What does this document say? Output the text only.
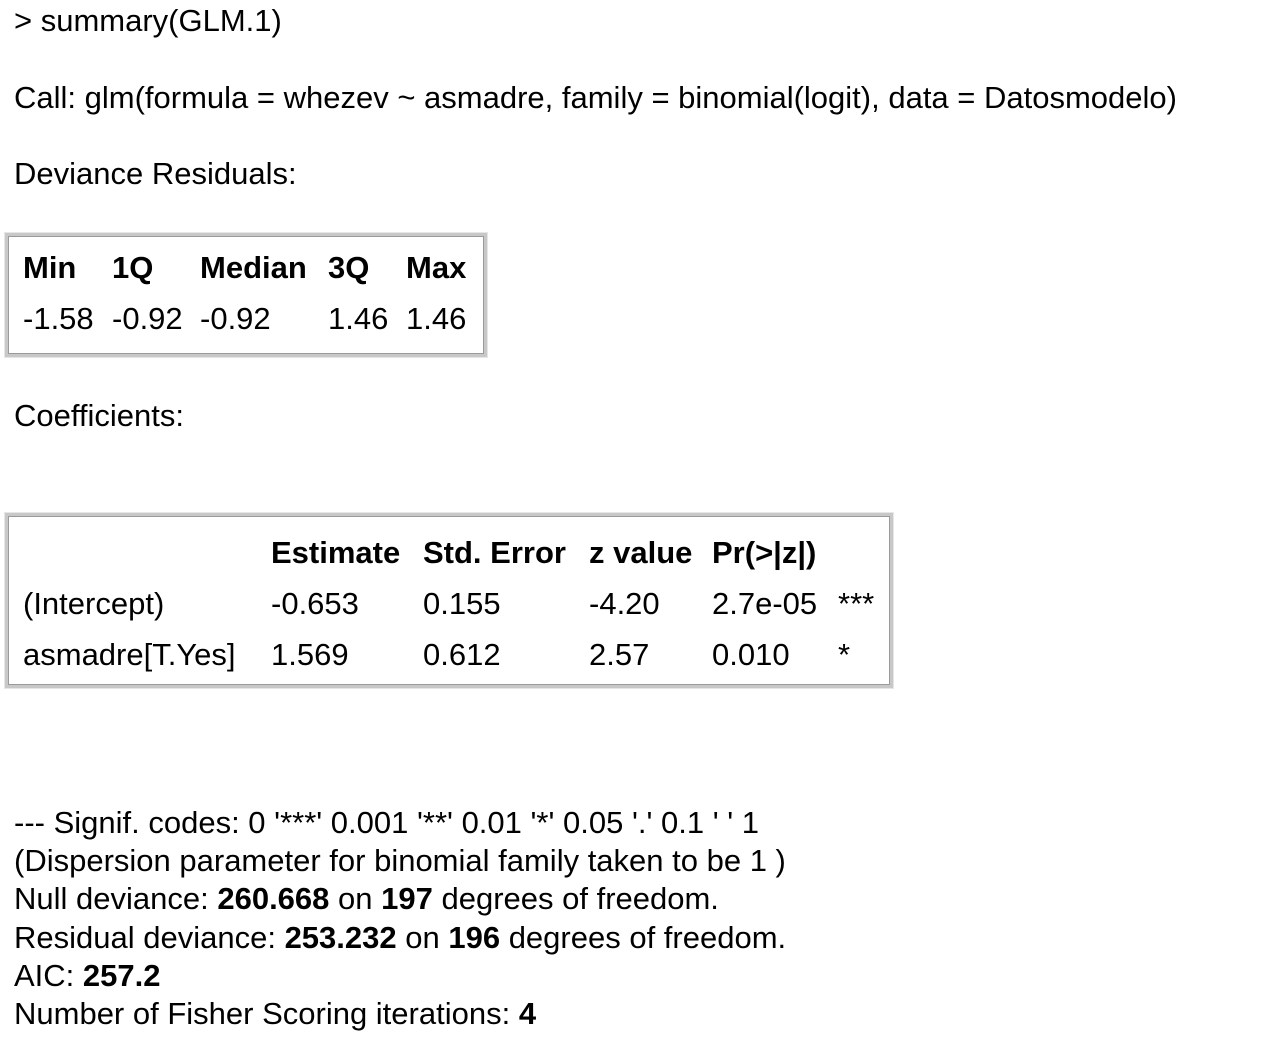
> summary(GLM.1)
Call: glm(formula = whezev ~ asmadre, family = binomial(logit), data = Datosmodelo)
Deviance Residuals:
Min	1Q	Median	3Q	Max
-1.58	-0.92	-0.92	1.46	1.46
Coefficients:
	Estimate	Std. Error	z value	Pr(>|z|)	
(Intercept)	-0.653	0.155	-4.20	2.7e-05	***
asmadre[T.Yes]	1.569	0.612	2.57	0.010	*
--- Signif. codes: 0 '***' 0.001 '**' 0.01 '*' 0.05 '.' 0.1 ' ' 1
(Dispersion parameter for binomial family taken to be 1 )
Null deviance: 260.668 on 197 degrees of freedom.
Residual deviance: 253.232 on 196 degrees of freedom.
AIC: 257.2
Number of Fisher Scoring iterations: 4
